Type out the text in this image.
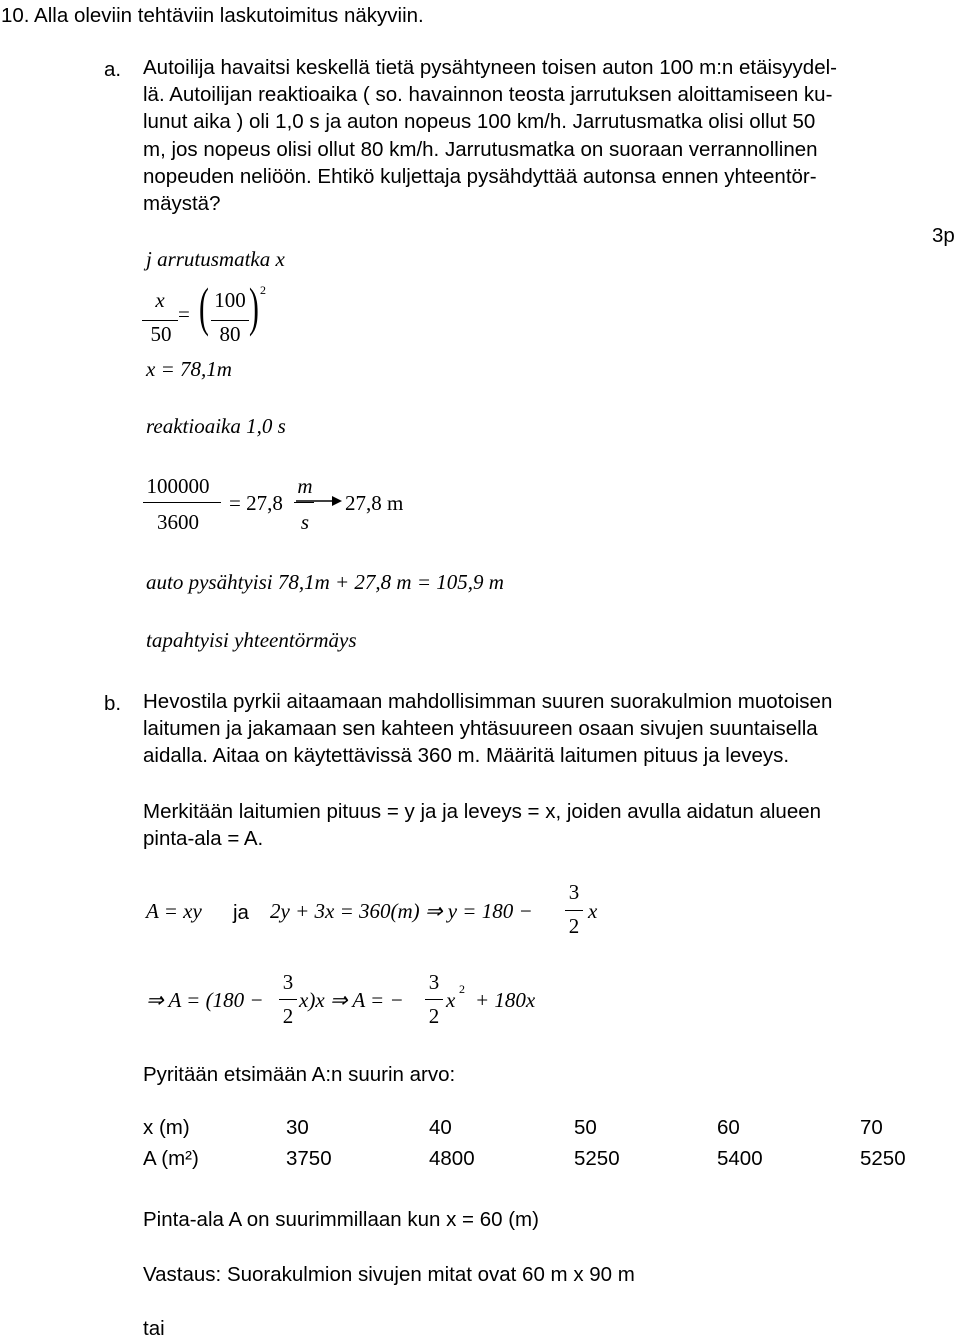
10. Alla oleviin tehtäviin laskutoimitus näkyviin.
a. Autoilija havaitsi keskellä tietä pysähtyneen toisen auton 100 m:n etäisyydel-
lä. Autoilijan reaktioaika ( so. havainnon teosta jarrutuksen aloittamiseen ku-
lunut aika ) oli 1,0 s ja auton nopeus 100 km/h. Jarrutusmatka olisi ollut 50
m, jos nopeus olisi ollut 80 km/h. Jarrutusmatka on suoraan verrannollinen
nopeuden neliöön. Ehtikö kuljettaja pysähdyttää autonsa ennen yhteentör-
mäystä?
3p
j arrutusmatka x
x
50
= ( 100
80 ) 2
x = 78,1m
reaktioaika 1,0 s
100000
3600
= 27,8
m
s
27,8 m
auto pysähtyisi 78,1m + 27,8 m = 105,9 m
tapahtyisi yhteentörmäys
b. Hevostila pyrkii aitaamaan mahdollisimman suuren suorakulmion muotoisen
laitumen ja jakamaan sen kahteen yhtäsuureen osaan sivujen suuntaisella
aidalla. Aitaa on käytettävissä 360 m. Määritä laitumen pituus ja leveys.
Merkitään laitumien pituus = y ja ja leveys = x, joiden avulla aidatun alueen
pinta-ala = A.
A = xy ja 2y + 3x = 360(m) ⇒ y = 180 −
3
2
x
⇒ A = (180 −
3
2
x)x ⇒ A = −
3
2
x 2 + 180x
Pyritään etsimään A:n suurin arvo:
x (m)	30	40	50	60	70
A (m²)	3750	4800	5250	5400	5250
Pinta-ala A on suurimmillaan kun x = 60 (m)
Vastaus: Suorakulmion sivujen mitat ovat 60 m x 90 m
tai
